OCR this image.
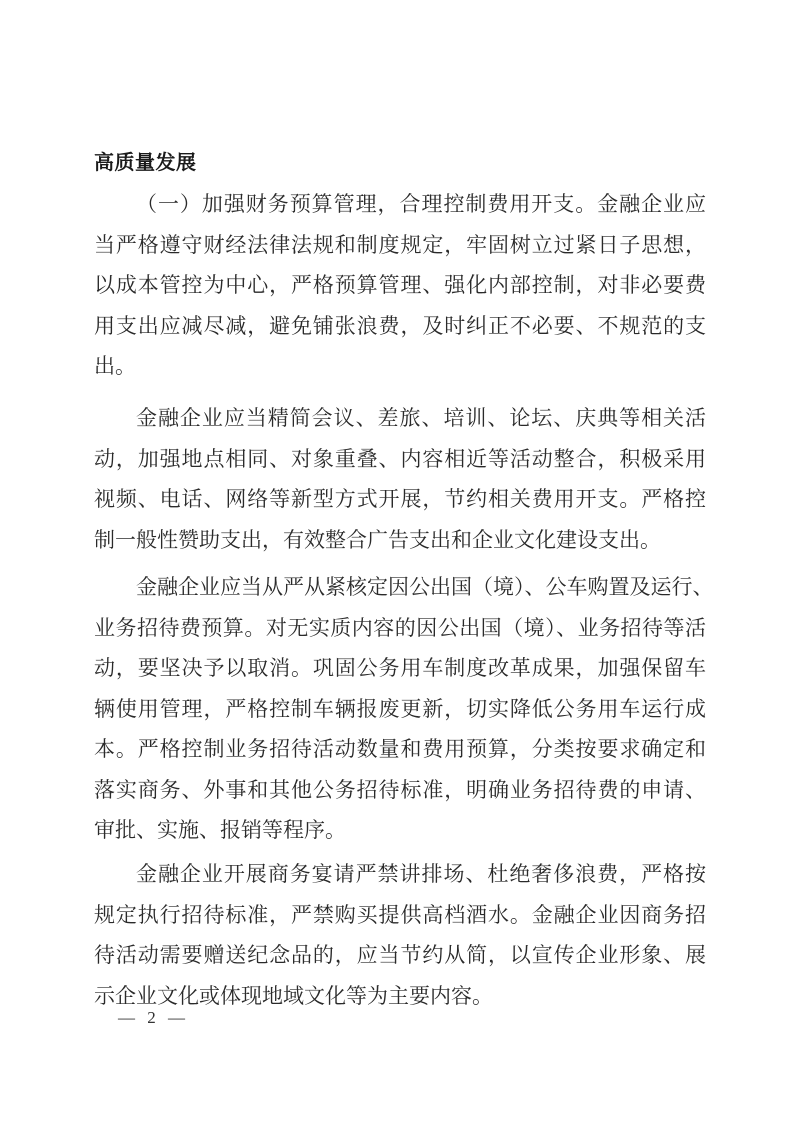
高质量发展
（一）加强财务预算管理，合理控制费用开支。金融企业应
当严格遵守财经法律法规和制度规定，牢固树立过紧日子思想，
以成本管控为中心，严格预算管理、强化内部控制，对非必要费
用支出应减尽减，避免铺张浪费，及时纠正不必要、不规范的支
出。
金融企业应当精简会议、差旅、培训、论坛、庆典等相关活
动，加强地点相同、对象重叠、内容相近等活动整合，积极采用
视频、电话、网络等新型方式开展，节约相关费用开支。严格控
制一般性赞助支出，有效整合广告支出和企业文化建设支出。
金融企业应当从严从紧核定因公出国（境）、公车购置及运行、
业务招待费预算。对无实质内容的因公出国（境）、业务招待等活
动，要坚决予以取消。巩固公务用车制度改革成果，加强保留车
辆使用管理，严格控制车辆报废更新，切实降低公务用车运行成
本。严格控制业务招待活动数量和费用预算，分类按要求确定和
落实商务、外事和其他公务招待标准，明确业务招待费的申请、
审批、实施、报销等程序。
金融企业开展商务宴请严禁讲排场、杜绝奢侈浪费，严格按
规定执行招待标准，严禁购买提供高档酒水。金融企业因商务招
待活动需要赠送纪念品的，应当节约从简，以宣传企业形象、展
示企业文化或体现地域文化等为主要内容。
— 2 —
